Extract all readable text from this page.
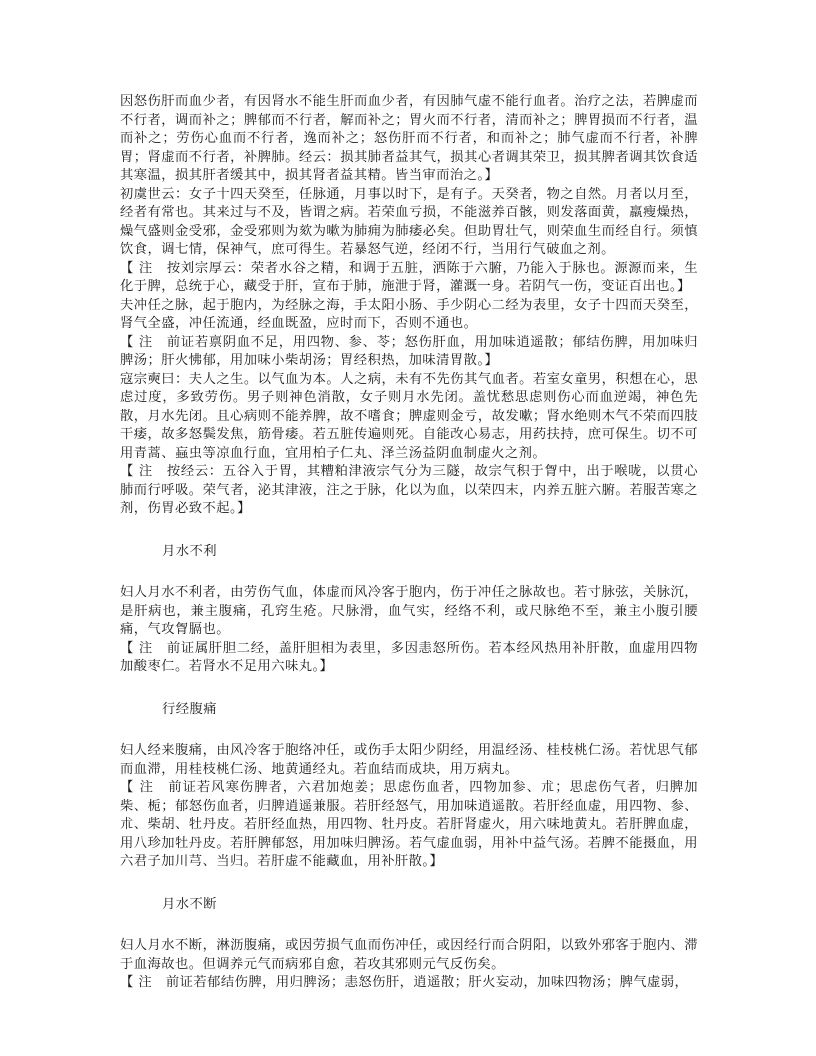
因怒伤肝而血少者，有因肾水不能生肝而血少者，有因肺气虚不能行血者。治疗之法，若脾虚而不行者，调而补之；脾郁而不行者，解而补之；胃火而不行者，清而补之；脾胃损而不行者，温而补之；劳伤心血而不行者，逸而补之；怒伤肝而不行者，和而补之；肺气虚而不行者，补脾胃；肾虚而不行者，补脾肺。经云：损其肺者益其气，损其心者调其荣卫，损其脾者调其饮食适其寒温，损其肝者缓其中，损其肾者益其精。皆当审而治之。】

初虞世云：女子十四天癸至，任脉通，月事以时下，是有子。天癸者，物之自然。月者以月至，经者有常也。其来过与不及，皆谓之病。若荣血亏损，不能滋养百骸，则发落面黄，羸瘦燥热，燥气盛则金受邪，金受邪则为欬为嗽为肺痈为肺痿必矣。但助胃壮气，则荣血生而经自行。须慎饮食，调七情，保神气，庶可得生。若暴怒气逆，经闭不行，当用行气破血之剂。

【 注　按刘宗厚云：荣者水谷之精，和调于五脏，洒陈于六腑，乃能入于脉也。源源而来，生化于脾，总统于心，藏受于肝，宣布于肺，施泄于肾，灌溉一身。若阴气一伤，变证百出也。】

夫冲任之脉，起于胞内，为经脉之海，手太阳小肠、手少阴心二经为表里，女子十四而天癸至，肾气全盛，冲任流通，经血既盈，应时而下，否则不通也。

【 注　前证若禀阴血不足，用四物、参、苓；怒伤肝血，用加味逍遥散；郁结伤脾，用加味归脾汤；肝火怫郁，用加味小柴胡汤；胃经积热，加味清胃散。】

寇宗奭曰：夫人之生。以气血为本。人之病，未有不先伤其气血者。若室女童男，积想在心，思虑过度，多致劳伤。男子则神色消散，女子则月水先闭。盖忧愁思虑则伤心而血逆竭，神色先散，月水先闭。且心病则不能养脾，故不嗜食；脾虚则金亏，故发嗽；肾水绝则木气不荣而四肢干痿，故多怒鬓发焦，筋骨痿。若五脏传遍则死。自能改心易志，用药扶持，庶可保生。切不可用青蒿、蝱虫等凉血行血，宜用柏子仁丸、泽兰汤益阴血制虚火之剂。

【 注　按经云：五谷入于胃，其糟粕津液宗气分为三隧，故宗气积于胷中，出于喉咙，以贯心肺而行呼吸。荣气者，泌其津液，注之于脉，化以为血，以荣四末，内养五脏六腑。若服苦寒之剂，伤胃必致不起。】

月水不利

妇人月水不利者，由劳伤气血，体虚而风冷客于胞内，伤于冲任之脉故也。若寸脉弦，关脉沉，是肝病也，兼主腹痛，孔窍生疮。尺脉滑，血气实，经络不利，或尺脉绝不至，兼主小腹引腰痛，气攻胷膈也。

【 注　前证属肝胆二经，盖肝胆相为表里，多因恚怒所伤。若本经风热用补肝散，血虚用四物加酸枣仁。若肾水不足用六味丸。】

行经腹痛

妇人经来腹痛，由风冷客于胞络冲任，或伤手太阳少阴经，用温经汤、桂枝桃仁汤。若忧思气郁而血滞，用桂枝桃仁汤、地黄通经丸。若血结而成块，用万病丸。

【 注　前证若风寒伤脾者，六君加炮姜；思虑伤血者，四物加参、朮；思虑伤气者，归脾加柴、栀；郁怒伤血者，归脾逍遥兼服。若肝经怒气，用加味逍遥散。若肝经血虚，用四物、参、朮、柴胡、牡丹皮。若肝经血热，用四物、牡丹皮。若肝肾虚火，用六味地黄丸。若肝脾血虚，用八珍加牡丹皮。若肝脾郁怒，用加味归脾汤。若气虚血弱，用补中益气汤。若脾不能摄血，用六君子加川芎、当归。若肝虚不能藏血，用补肝散。】

月水不断

妇人月水不断，淋沥腹痛，或因劳损气血而伤冲任，或因经行而合阴阳，以致外邪客于胞内、滞于血海故也。但调养元气而病邪自愈，若攻其邪则元气反伤矣。

【 注　前证若郁结伤脾，用归脾汤；恚怒伤肝，逍遥散；肝火妄动，加味四物汤；脾气虚弱，
